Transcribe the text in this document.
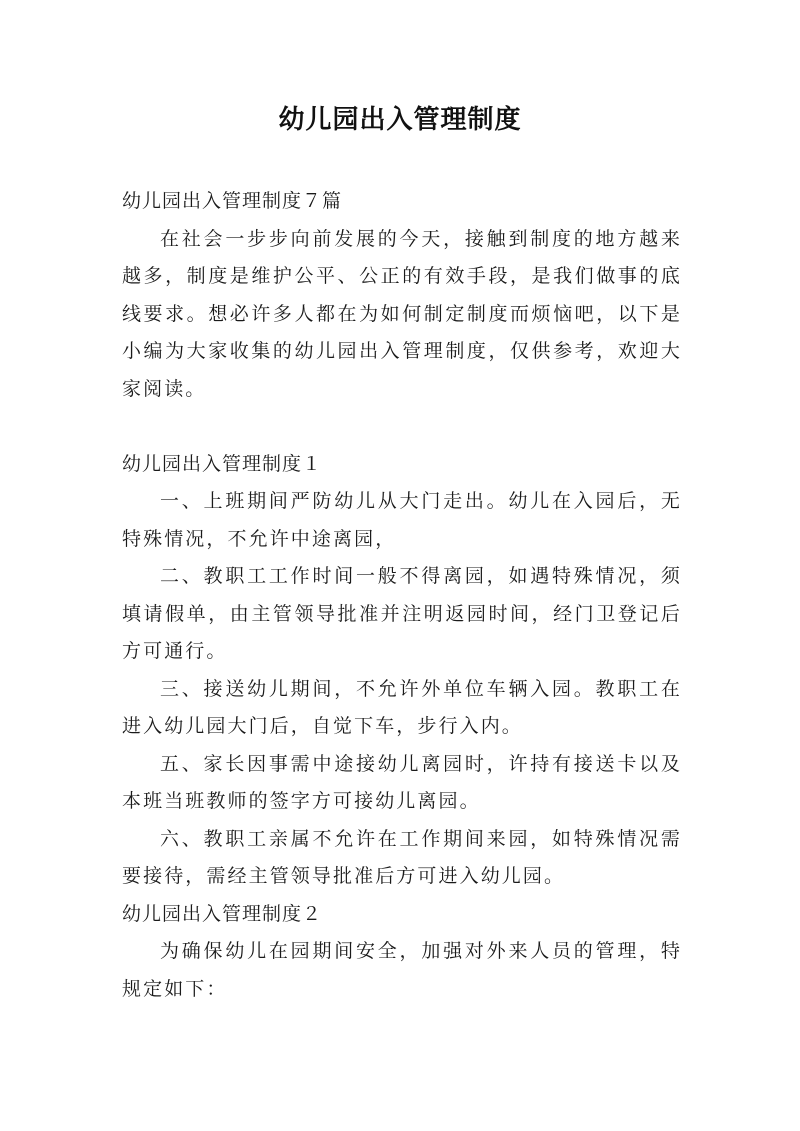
幼儿园出入管理制度

幼儿园出入管理制度７篇

在社会一步步向前发展的今天，接触到制度的地方越来越多，制度是维护公平、公正的有效手段，是我们做事的底线要求。想必许多人都在为如何制定制度而烦恼吧，以下是小编为大家收集的幼儿园出入管理制度，仅供参考，欢迎大家阅读。

幼儿园出入管理制度１

一、上班期间严防幼儿从大门走出。幼儿在入园后，无特殊情况，不允许中途离园，

二、教职工工作时间一般不得离园，如遇特殊情况，须填请假单，由主管领导批准并注明返园时间，经门卫登记后方可通行。

三、接送幼儿期间，不允许外单位车辆入园。教职工在进入幼儿园大门后，自觉下车，步行入内。

五、家长因事需中途接幼儿离园时，许持有接送卡以及本班当班教师的签字方可接幼儿离园。

六、教职工亲属不允许在工作期间来园，如特殊情况需要接待，需经主管领导批准后方可进入幼儿园。

幼儿园出入管理制度２

为确保幼儿在园期间安全，加强对外来人员的管理，特规定如下：
